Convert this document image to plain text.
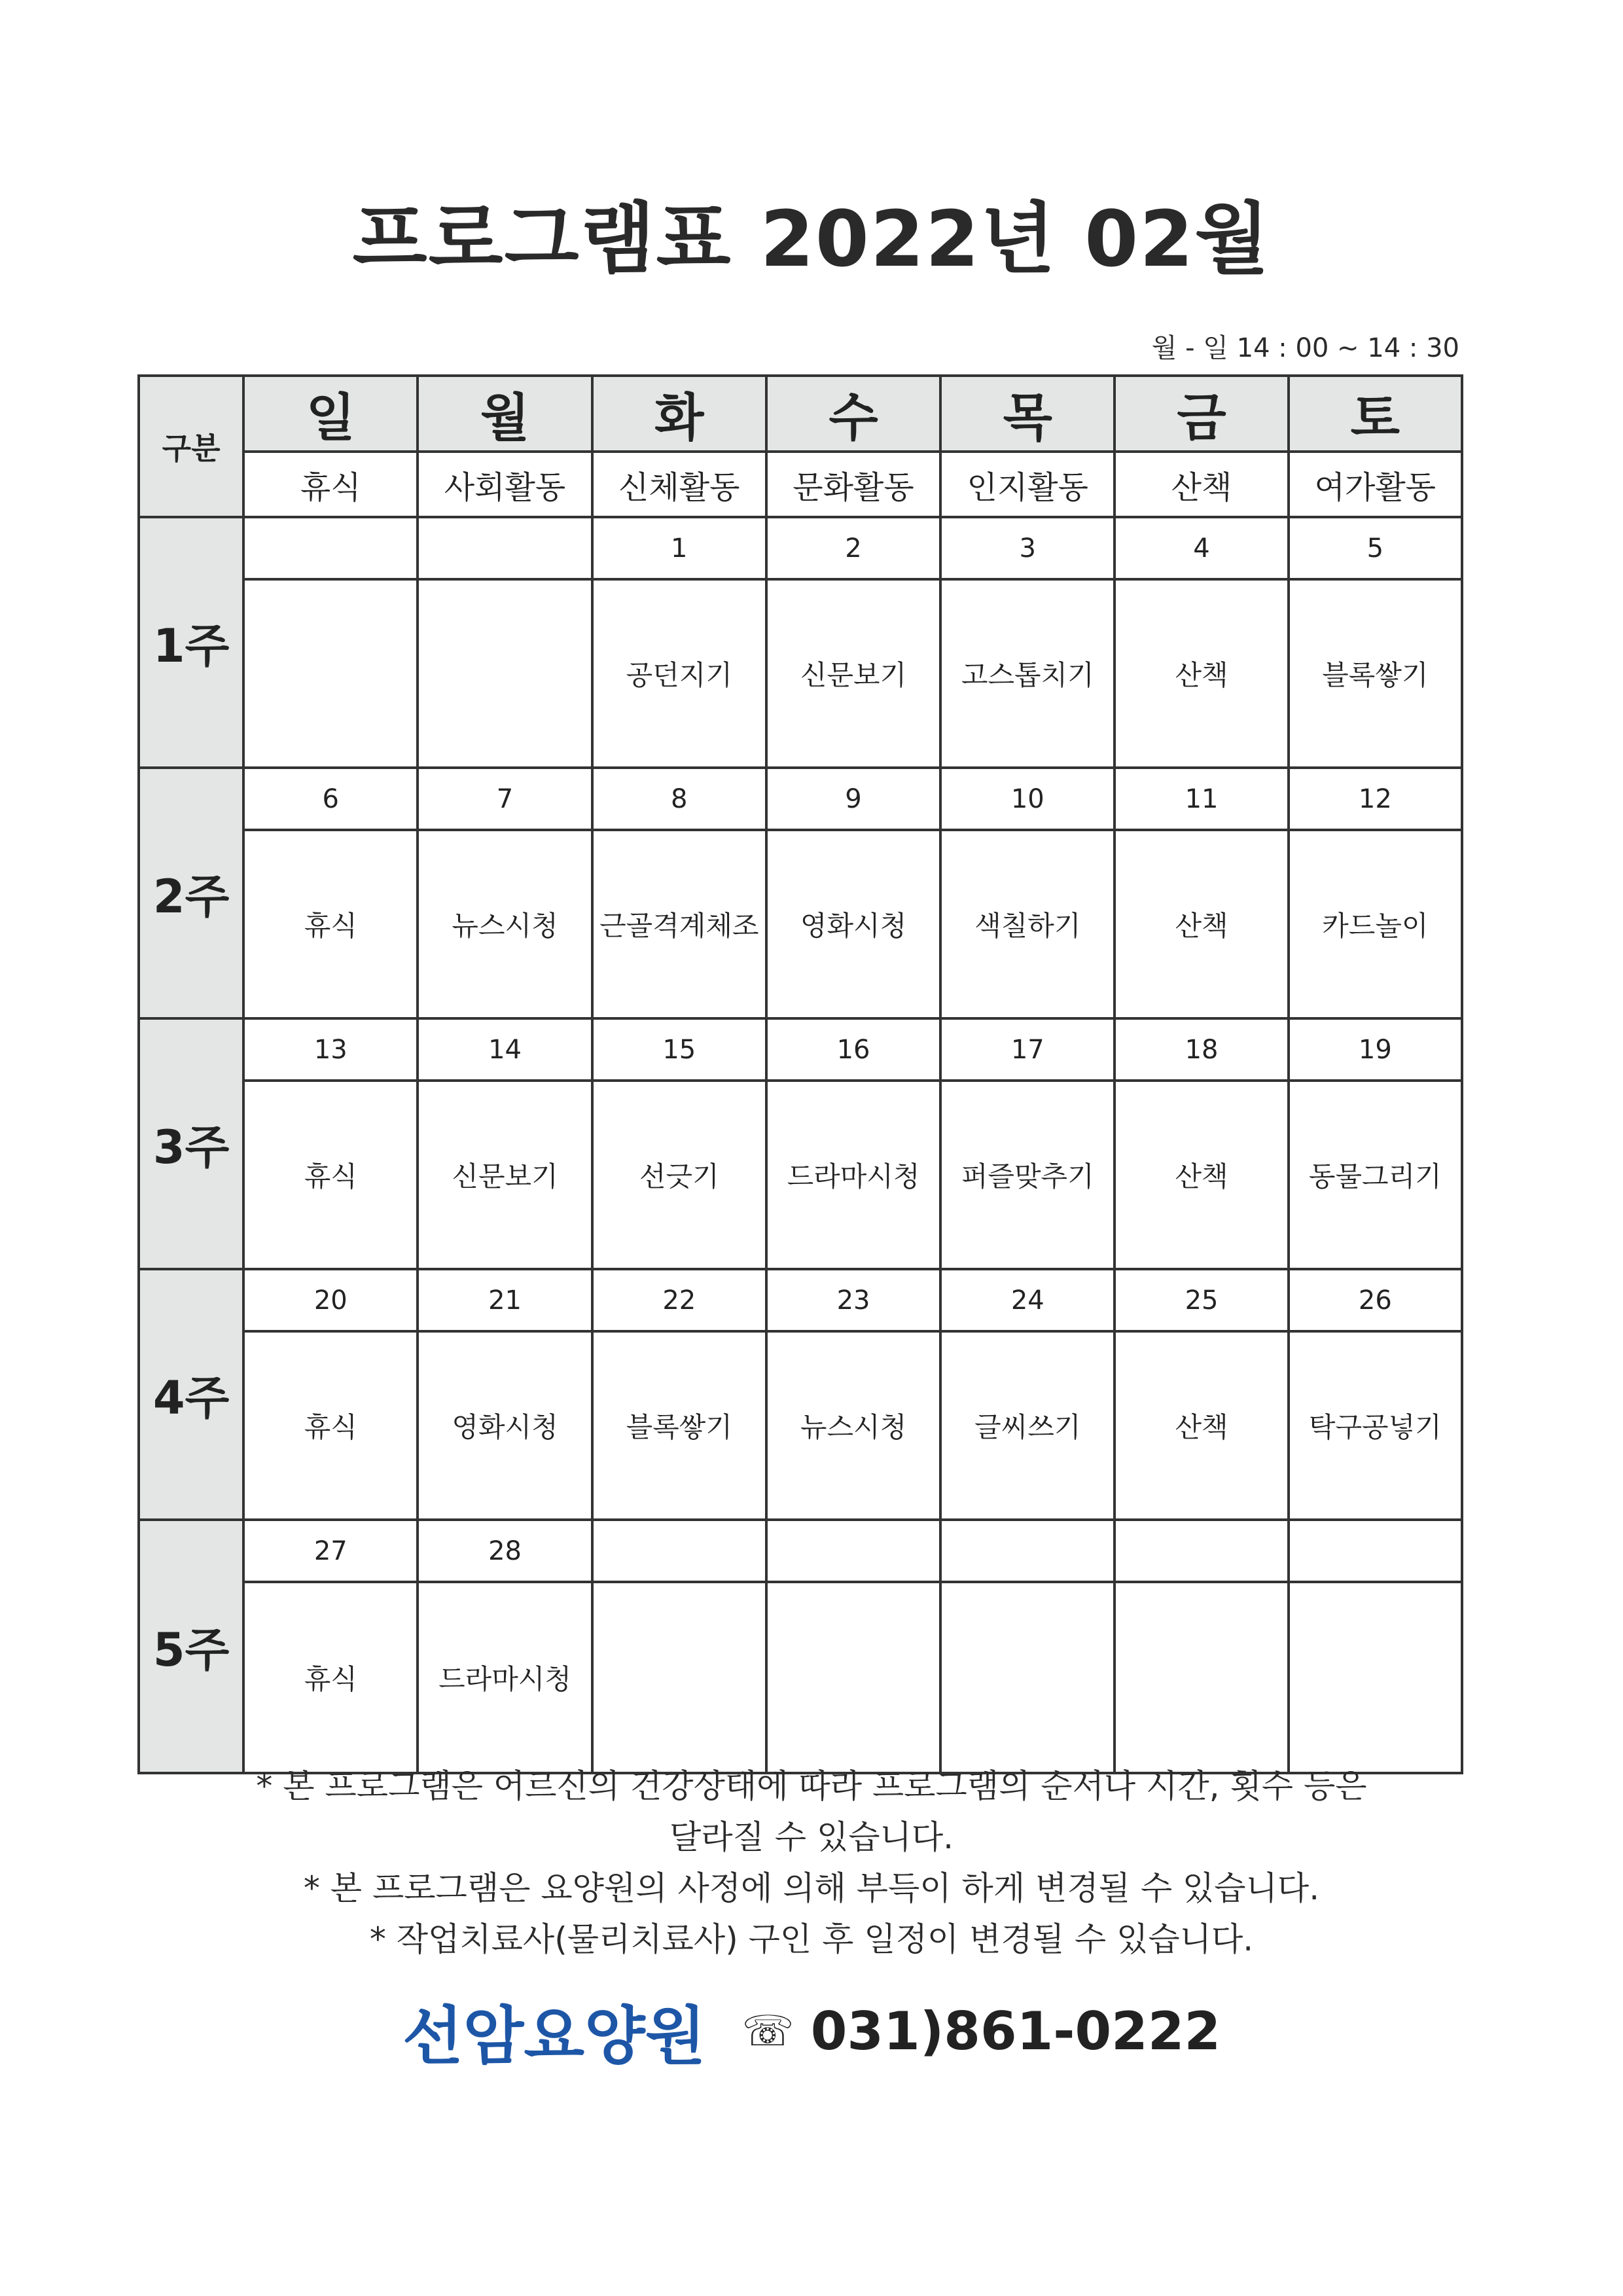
프로그램표 2022년 02월
월 - 일 14 : 00 ~ 14 : 30
구분	일	월	화	수	목	금	토
	휴식	사회활동	신체활동	문화활동	인지활동	산책	여가활동
1주			1	2	3	4	5
			공던지기	신문보기	고스톱치기	산책	블록쌓기
2주	6	7	8	9	10	11	12
	휴식	뉴스시청	근골격계체조	영화시청	색칠하기	산책	카드놀이
3주	13	14	15	16	17	18	19
	휴식	신문보기	선긋기	드라마시청	퍼즐맞추기	산책	동물그리기
4주	20	21	22	23	24	25	26
	휴식	영화시청	블록쌓기	뉴스시청	글씨쓰기	산책	탁구공넣기
5주	27	28					
	휴식	드라마시청					

* 본 프로그램은 어르신의 건강상태에 따라 프로그램의 순서나 시간, 횟수 등은

달라질 수 있습니다.

* 본 프로그램은 요양원의 사정에 의해 부득이 하게 변경될 수 있습니다.

* 작업치료사(물리치료사) 구인 후 일정이 변경될 수 있습니다.

선암요양원 ☏ 031)861-0222
